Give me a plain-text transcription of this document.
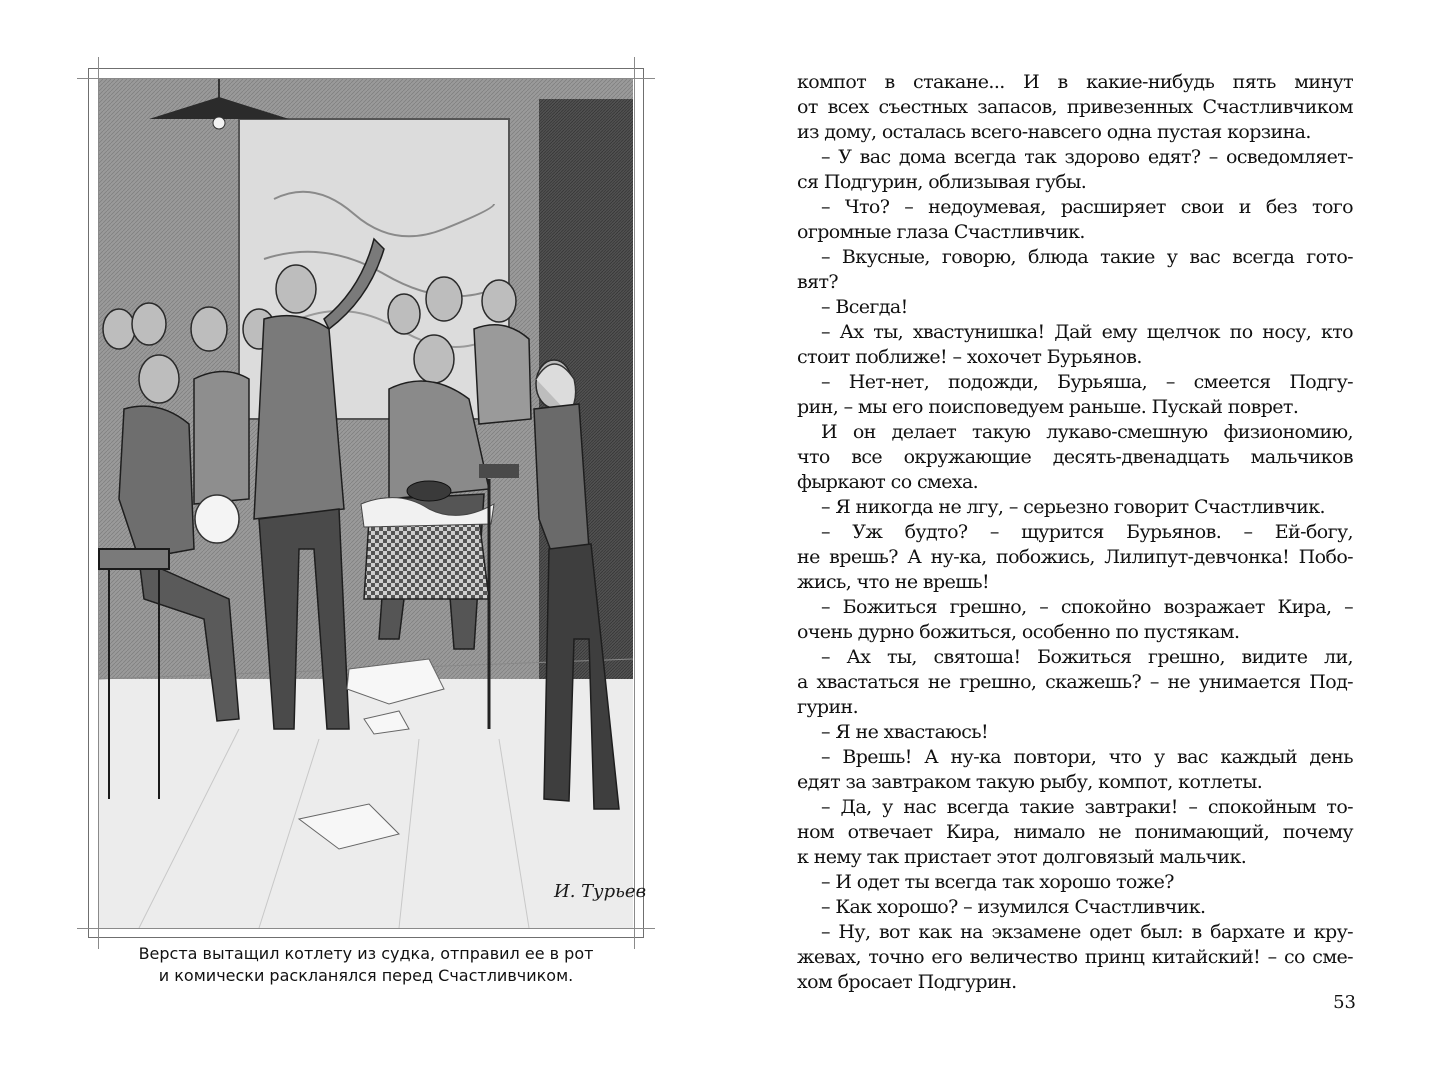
И. Турьев
Верста вытащил котлету из судка, отправил ее в рот
и комически раскланялся перед Счастливчиком.
компот в стакане... И в какие-нибудь пять минут
от всех съестных запасов, привезенных Счастливчиком
из дому, осталась всего-навсего одна пустая корзина.
– У вас дома всегда так здорово едят? – осведомляет-
ся Подгурин, облизывая губы.
– Что? – недоумевая, расширяет свои и без того
огромные глаза Счастливчик.
– Вкусные, говорю, блюда такие у вас всегда гото-
вят?
– Всегда!
– Ах ты, хвастунишка! Дай ему щелчок по носу, кто
стоит поближе! – хохочет Бурьянов.
– Нет-нет, подожди, Бурьяша, – смеется Подгу-
рин, – мы его поисповедуем раньше. Пускай поврет.
И он делает такую лукаво-смешную физиономию,
что все окружающие десять-двенадцать мальчиков
фыркают со смеха.
– Я никогда не лгу, – серьезно говорит Счастливчик.
– Уж будто? – щурится Бурьянов. – Ей-богу,
не врешь? А ну-ка, побожись, Лилипут-девчонка! Побо-
жись, что не врешь!
– Божиться грешно, – спокойно возражает Кира, –
очень дурно божиться, особенно по пустякам.
– Ах ты, святоша! Божиться грешно, видите ли,
а хвастаться не грешно, скажешь? – не унимается Под-
гурин.
– Я не хвастаюсь!
– Врешь! А ну-ка повтори, что у вас каждый день
едят за завтраком такую рыбу, компот, котлеты.
– Да, у нас всегда такие завтраки! – спокойным то-
ном отвечает Кира, нимало не понимающий, почему
к нему так пристает этот долговязый мальчик.
– И одет ты всегда так хорошо тоже?
– Как хорошо? – изумился Счастливчик.
– Ну, вот как на экзамене одет был: в бархате и кру-
жевах, точно его величество принц китайский! – со сме-
хом бросает Подгурин.
53
